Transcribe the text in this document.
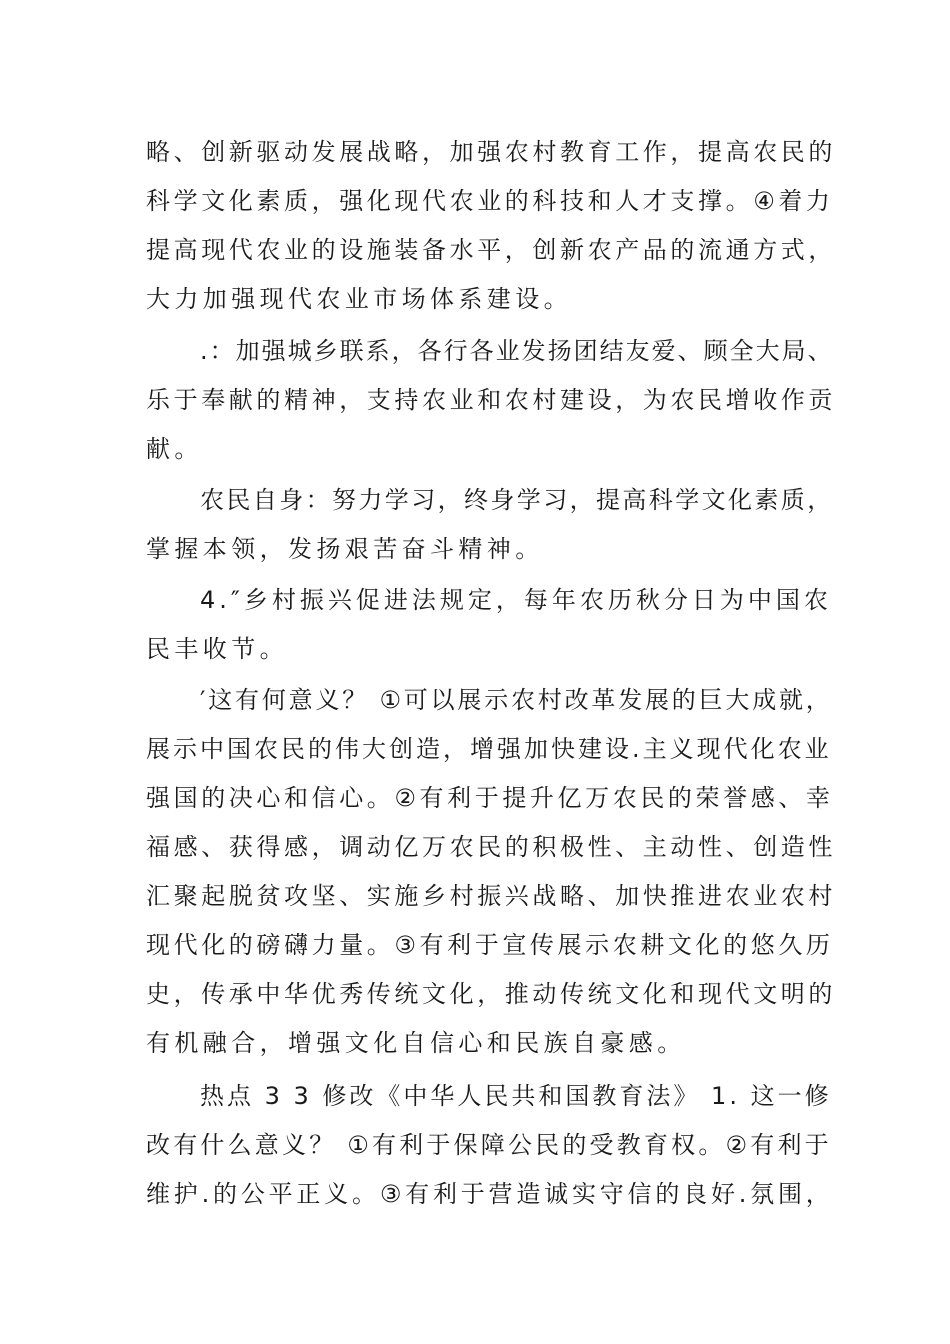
略、创新驱动发展战略，加强农村教育工作，提高农民的
科学文化素质，强化现代农业的科技和人才支撑。④着力
提高现代农业的设施装备水平，创新农产品的流通方式，
大力加强现代农业市场体系建设。
.：加强城乡联系，各行各业发扬团结友爱、顾全大局、
乐于奉献的精神，支持农业和农村建设，为农民增收作贡
献。
农民自身：努力学习，终身学习，提高科学文化素质，
掌握本领，发扬艰苦奋斗精神。
4.″乡村振兴促进法规定，每年农历秋分日为中国农
民丰收节。
′这有何意义？ ①可以展示农村改革发展的巨大成就，
展示中国农民的伟大创造，增强加快建设.主义现代化农业
强国的决心和信心。②有利于提升亿万农民的荣誉感、幸
福感、获得感，调动亿万农民的积极性、主动性、创造性
汇聚起脱贫攻坚、实施乡村振兴战略、加快推进农业农村
现代化的磅礴力量。③有利于宣传展示农耕文化的悠久历
史，传承中华优秀传统文化，推动传统文化和现代文明的
有机融合，增强文化自信心和民族自豪感。
热点 3 3 修改《中华人民共和国教育法》 1. 这一修
改有什么意义？ ①有利于保障公民的受教育权。②有利于
维护.的公平正义。③有利于营造诚实守信的良好.氛围，
